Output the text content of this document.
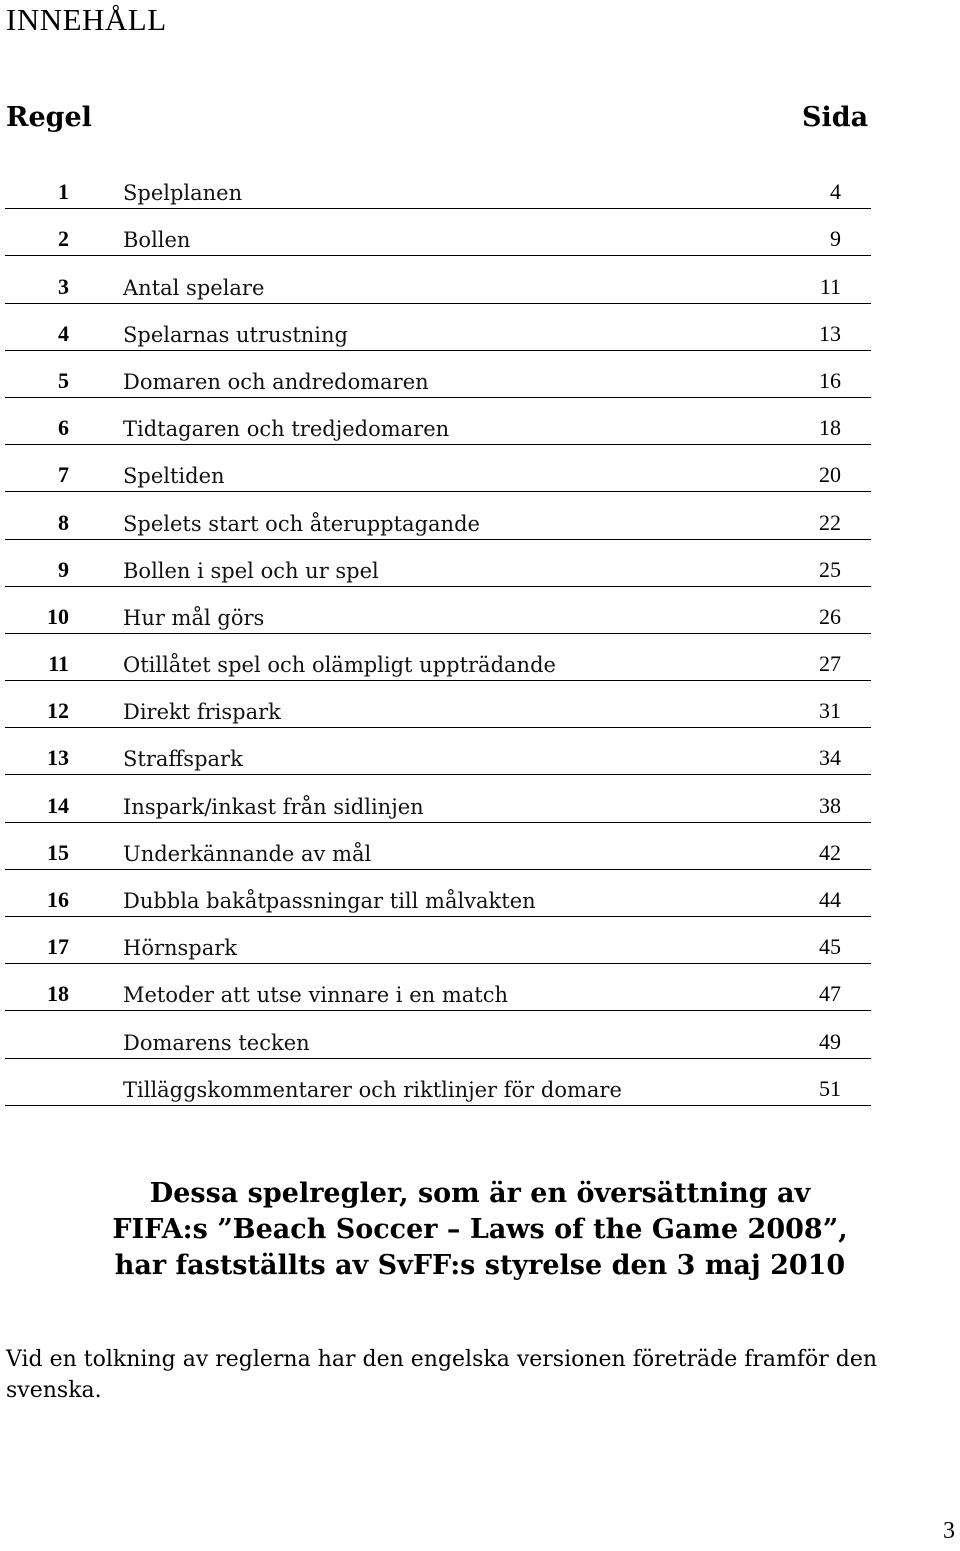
INNEHÅLL
Regel	Sida
1	Spelplanen	4
2	Bollen	9
3	Antal spelare	11
4	Spelarnas utrustning	13
5	Domaren och andredomaren	16
6	Tidtagaren och tredjedomaren	18
7	Speltiden	20
8	Spelets start och återupptagande	22
9	Bollen i spel och ur spel	25
10	Hur mål görs	26
11	Otillåtet spel och olämpligt uppträdande	27
12	Direkt frispark	31
13	Straffspark	34
14	Inspark/inkast från sidlinjen	38
15	Underkännande av mål	42
16	Dubbla bakåtpassningar till målvakten	44
17	Hörnspark	45
18	Metoder att utse vinnare i en match	47
Domarens tecken	49
Tilläggskommentarer och riktlinjer för domare	51
Dessa spelregler, som är en översättning av
FIFA:s ”Beach Soccer – Laws of the Game 2008”,
har fastställts av SvFF:s styrelse den 3 maj 2010
Vid en tolkning av reglerna har den engelska versionen företräde framför den svenska.
3
